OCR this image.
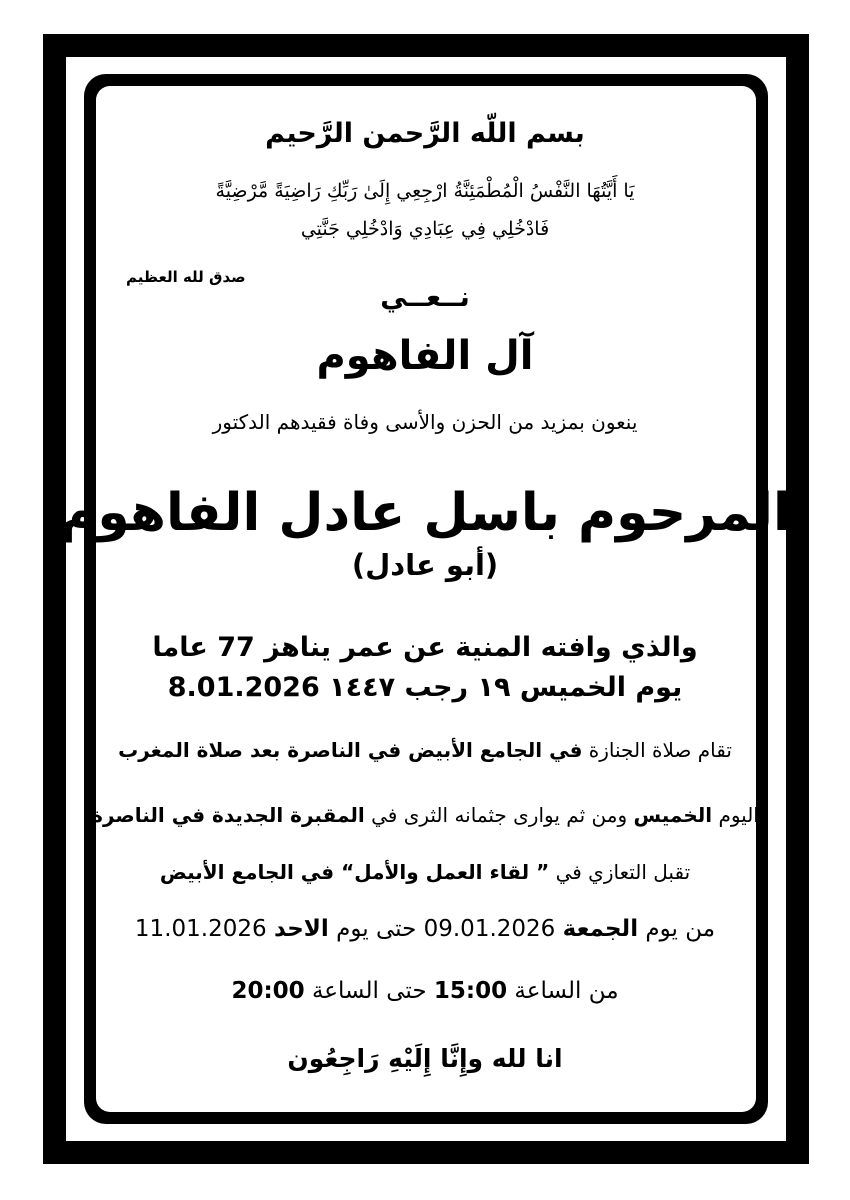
بسم اللّه الرَّحمن الرَّحيم
يَا أَيَّتُهَا النَّفْسُ الْمُطْمَئِنَّةُ ارْجِعِي إِلَىٰ رَبِّكِ رَاضِيَةً مَّرْضِيَّةً
فَادْخُلِي فِي عِبَادِي وَادْخُلِي جَنَّتِي
صدق لله العظيم
نــعــي
آل الفاهوم
ينعون بمزيد من الحزن والأسى وفاة فقيدهم الدكتور
المرحوم باسل عادل الفاهوم
(أبو عادل)
والذي وافته المنية عن عمر يناهز 77 عاما
يوم الخميس ١٩ رجب ١٤٤٧ 8.01.2026
تقام صلاة الجنازة في الجامع الأبيض في الناصرة بعد صلاة المغرب
اليوم الخميس ومن ثم يوارى جثمانه الثرى في المقبرة الجديدة في الناصرة
تقبل التعازي في ” لقاء العمل والأمل“ في الجامع الأبيض
من يوم الجمعة 09.01.2026 حتى يوم الاحد 11.01.2026
من الساعة 15:00 حتى الساعة 20:00
انا لله وإِنَّا إِلَيْهِ رَاجِعُون
